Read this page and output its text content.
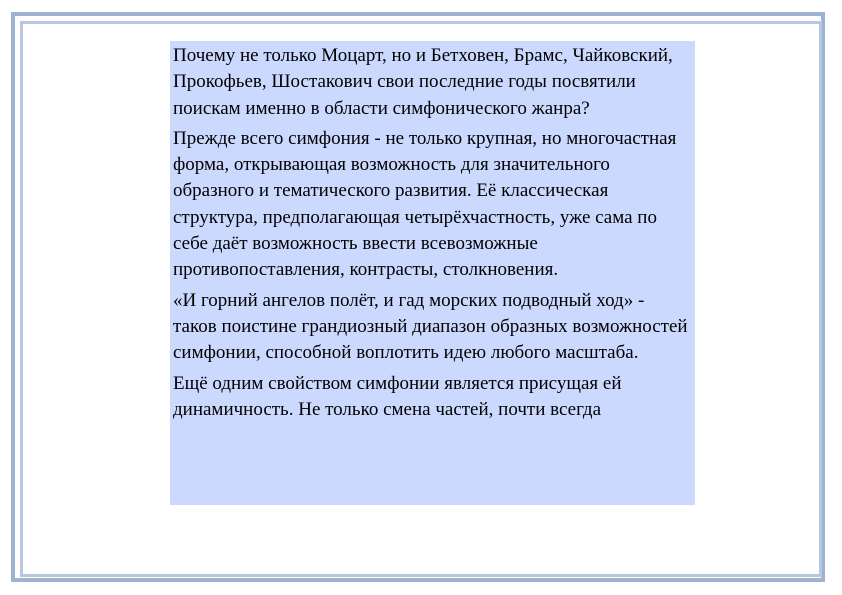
Почему не только Моцарт, но и Бетховен, Брамс, Чайковский, Прокофьев, Шостакович свои последние годы посвятили поискам именно в области симфонического жанра?

Прежде всего симфония - не только крупная, но многочастная форма, открывающая возможность для значительного образного и тематического развития. Её классическая структура, предполагающая четырёхчастность, уже сама по себе даёт возможность ввести всевозможные противопоставления, контрасты, столкновения.

«И горний ангелов полёт, и гад морских подводный ход» - таков поистине грандиозный диапазон образных возможностей симфонии, способной воплотить идею любого масштаба.

Ещё одним свойством симфонии является присущая ей динамичность. Не только смена частей, почти всегда
